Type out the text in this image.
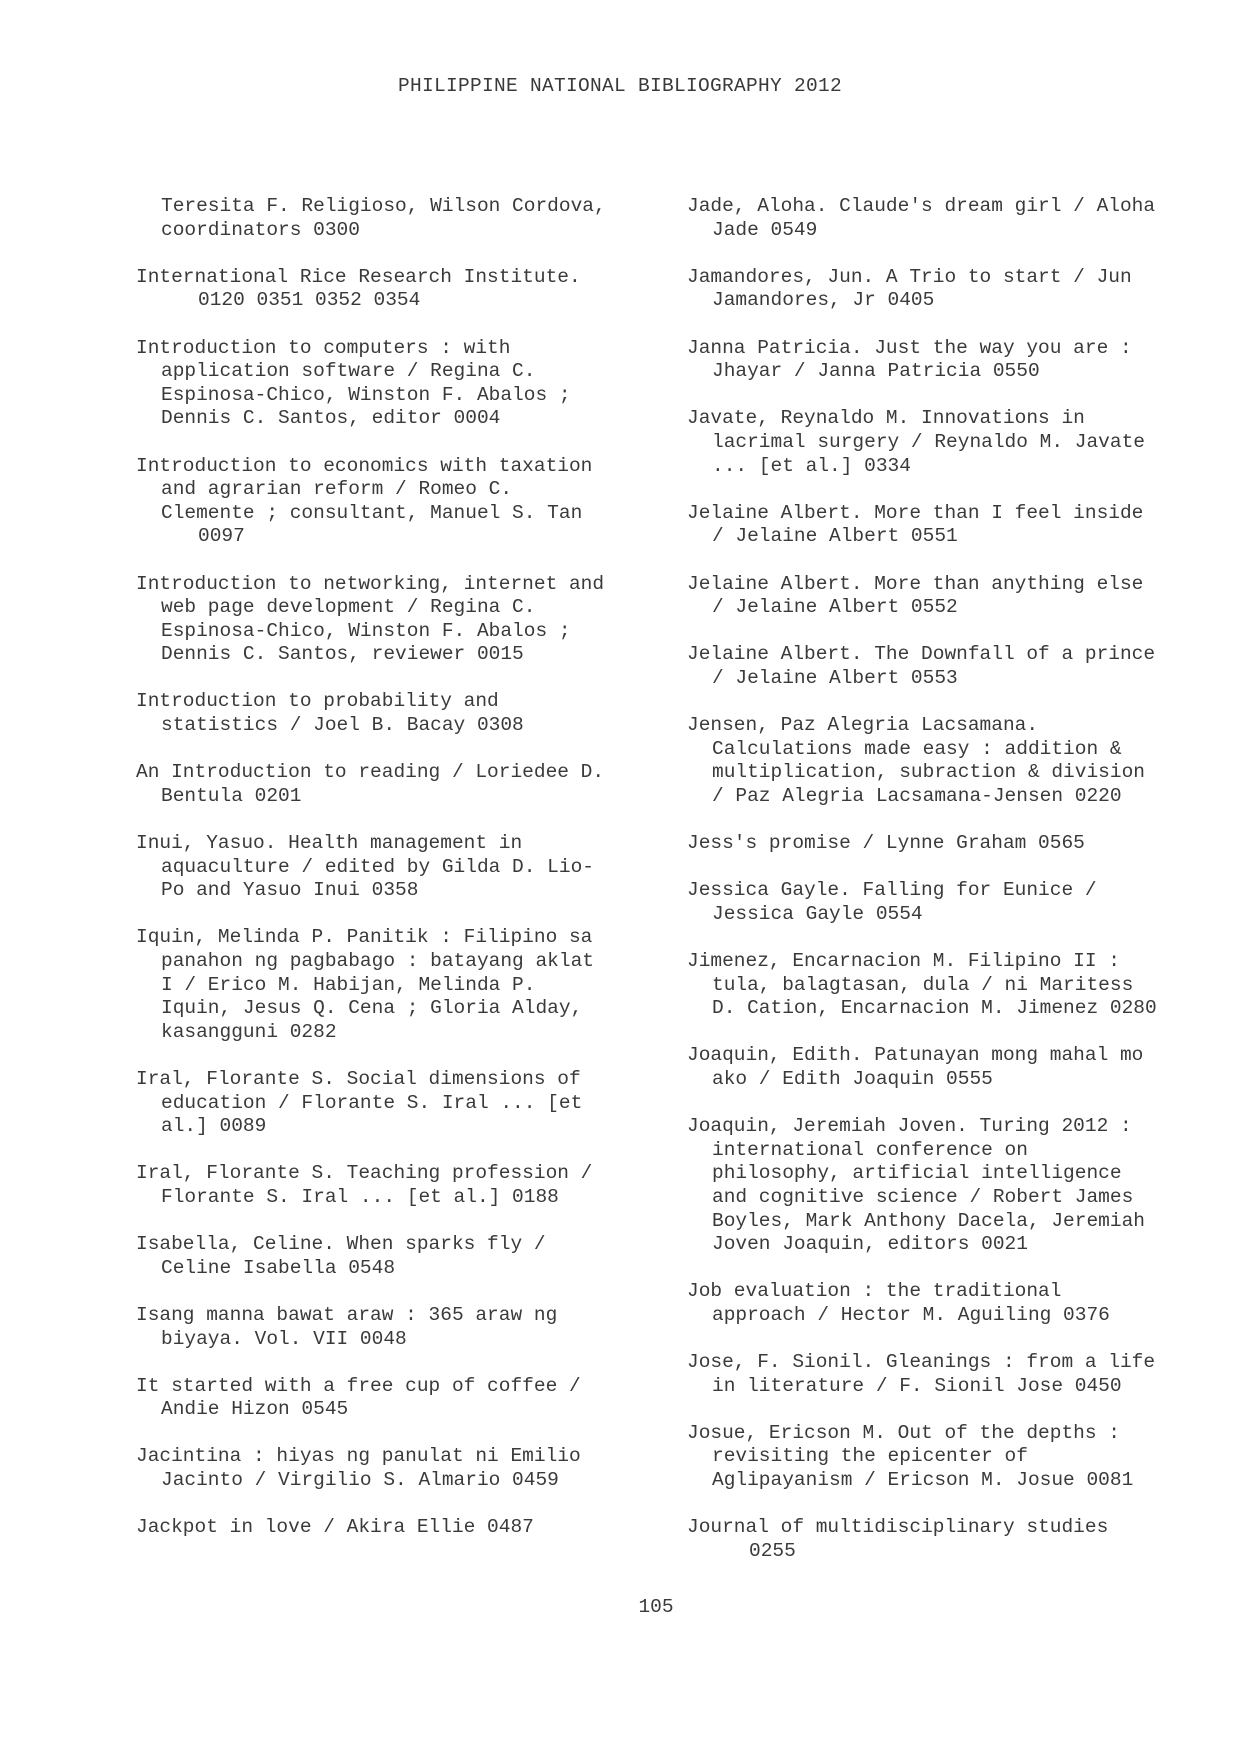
PHILIPPINE NATIONAL BIBLIOGRAPHY 2012
Teresita F. Religioso, Wilson Cordova,
coordinators 0300
International Rice Research Institute.
0120 0351 0352 0354
Introduction to computers : with
application software / Regina C.
Espinosa-Chico, Winston F. Abalos ;
Dennis C. Santos, editor 0004
Introduction to economics with taxation
and agrarian reform / Romeo C.
Clemente ; consultant, Manuel S. Tan
0097
Introduction to networking, internet and
web page development / Regina C.
Espinosa-Chico, Winston F. Abalos ;
Dennis C. Santos, reviewer 0015
Introduction to probability and
statistics / Joel B. Bacay 0308
An Introduction to reading / Loriedee D.
Bentula 0201
Inui, Yasuo. Health management in
aquaculture / edited by Gilda D. Lio-
Po and Yasuo Inui 0358
Iquin, Melinda P. Panitik : Filipino sa
panahon ng pagbabago : batayang aklat
I / Erico M. Habijan, Melinda P.
Iquin, Jesus Q. Cena ; Gloria Alday,
kasangguni 0282
Iral, Florante S. Social dimensions of
education / Florante S. Iral ... [et
al.] 0089
Iral, Florante S. Teaching profession /
Florante S. Iral ... [et al.] 0188
Isabella, Celine. When sparks fly /
Celine Isabella 0548
Isang manna bawat araw : 365 araw ng
biyaya. Vol. VII 0048
It started with a free cup of coffee /
Andie Hizon 0545
Jacintina : hiyas ng panulat ni Emilio
Jacinto / Virgilio S. Almario 0459
Jackpot in love / Akira Ellie 0487
Jade, Aloha. Claude's dream girl / Aloha
Jade 0549
Jamandores, Jun. A Trio to start / Jun
Jamandores, Jr 0405
Janna Patricia. Just the way you are :
Jhayar / Janna Patricia 0550
Javate, Reynaldo M. Innovations in
lacrimal surgery / Reynaldo M. Javate
... [et al.] 0334
Jelaine Albert. More than I feel inside
/ Jelaine Albert 0551
Jelaine Albert. More than anything else
/ Jelaine Albert 0552
Jelaine Albert. The Downfall of a prince
/ Jelaine Albert 0553
Jensen, Paz Alegria Lacsamana.
Calculations made easy : addition &
multiplication, subraction & division
/ Paz Alegria Lacsamana-Jensen 0220
Jess's promise / Lynne Graham 0565
Jessica Gayle. Falling for Eunice /
Jessica Gayle 0554
Jimenez, Encarnacion M. Filipino II :
tula, balagtasan, dula / ni Maritess
D. Cation, Encarnacion M. Jimenez 0280
Joaquin, Edith. Patunayan mong mahal mo
ako / Edith Joaquin 0555
Joaquin, Jeremiah Joven. Turing 2012 :
international conference on
philosophy, artificial intelligence
and cognitive science / Robert James
Boyles, Mark Anthony Dacela, Jeremiah
Joven Joaquin, editors 0021
Job evaluation : the traditional
approach / Hector M. Aguiling 0376
Jose, F. Sionil. Gleanings : from a life
in literature / F. Sionil Jose 0450
Josue, Ericson M. Out of the depths :
revisiting the epicenter of
Aglipayanism / Ericson M. Josue 0081
Journal of multidisciplinary studies
0255
105
